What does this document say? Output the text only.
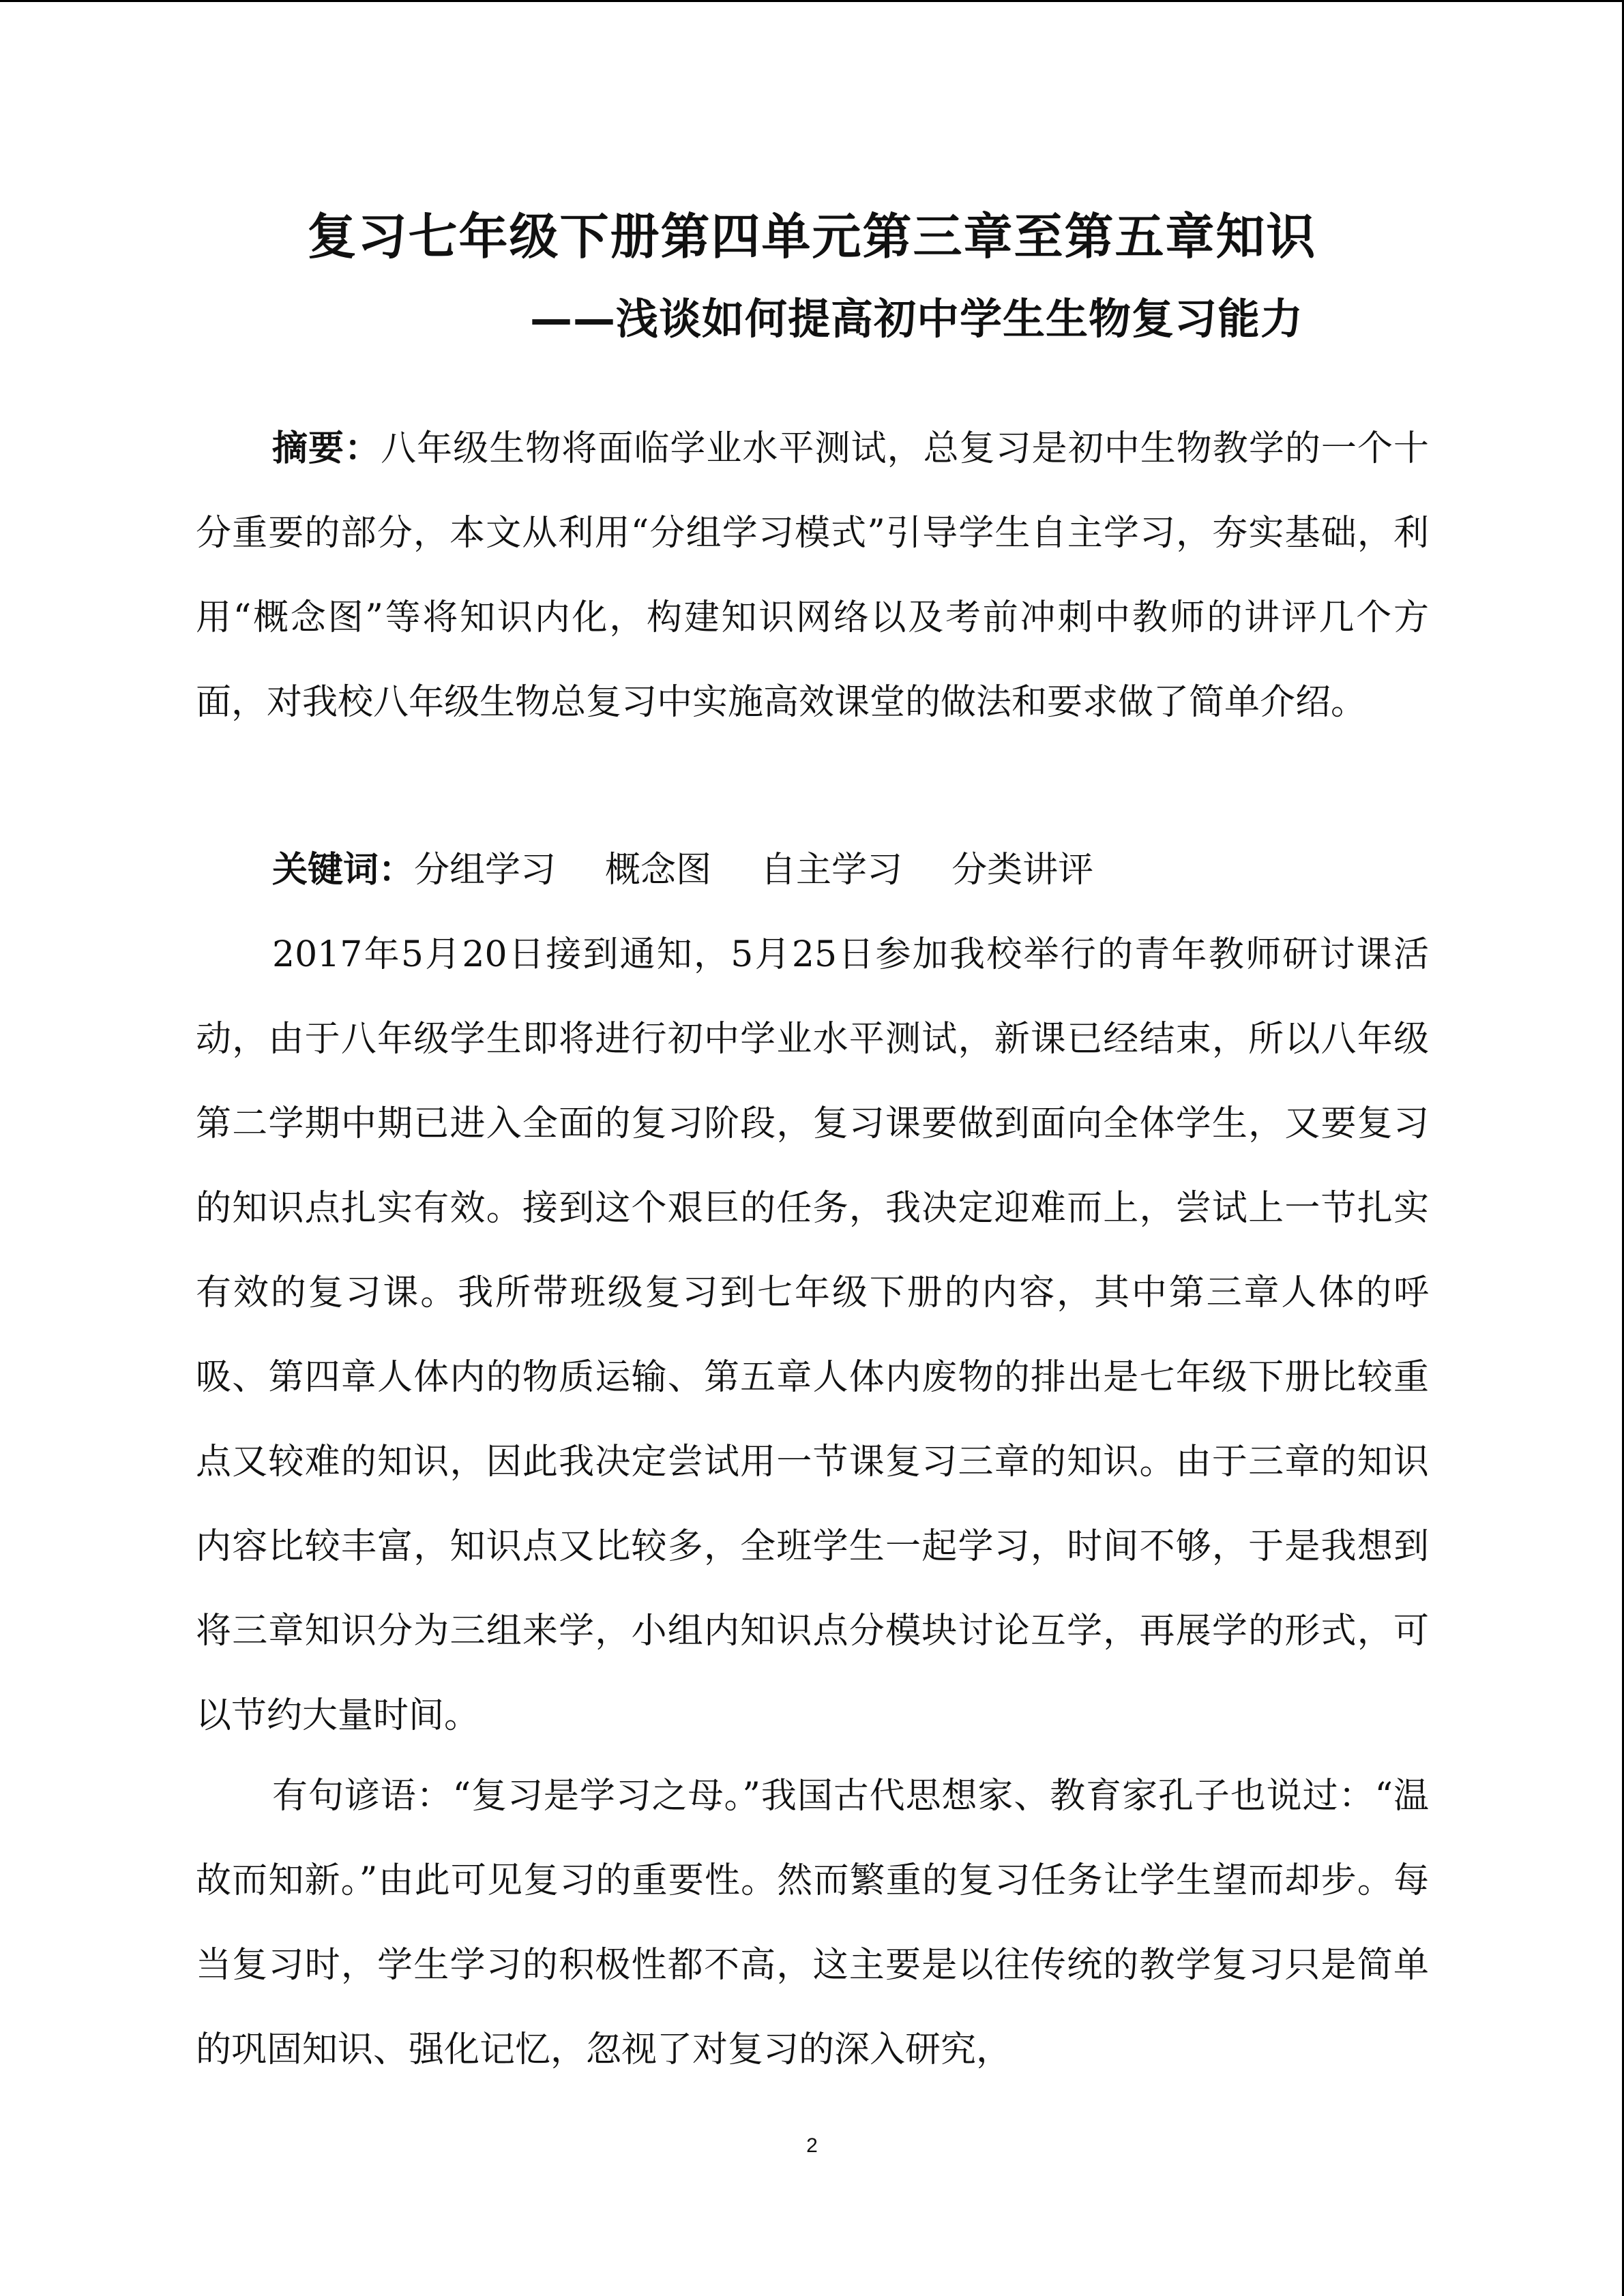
复习七年级下册第四单元第三章至第五章知识
——浅谈如何提高初中学生生物复习能力

摘要：八年级生物将面临学业水平测试，总复习是初中生物教学的一个十分重要的部分，本文从利用“分组学习模式”引导学生自主学习，夯实基础，利用“概念图”等将知识内化，构建知识网络以及考前冲刺中教师的讲评几个方面，对我校八年级生物总复习中实施高效课堂的做法和要求做了简单介绍。

关键词：分组学习 概念图 自主学习 分类讲评

2017年5月20日接到通知，5月25日参加我校举行的青年教师研讨课活动，由于八年级学生即将进行初中学业水平测试，新课已经结束，所以八年级第二学期中期已进入全面的复习阶段，复习课要做到面向全体学生，又要复习的知识点扎实有效。接到这个艰巨的任务，我决定迎难而上，尝试上一节扎实有效的复习课。我所带班级复习到七年级下册的内容，其中第三章人体的呼吸、第四章人体内的物质运输、第五章人体内废物的排出是七年级下册比较重点又较难的知识，因此我决定尝试用一节课复习三章的知识。由于三章的知识内容比较丰富，知识点又比较多，全班学生一起学习，时间不够，于是我想到将三章知识分为三组来学，小组内知识点分模块讨论互学，再展学的形式，可以节约大量时间。

有句谚语：“复习是学习之母。”我国古代思想家、教育家孔子也说过：“温故而知新。”由此可见复习的重要性。然而繁重的复习任务让学生望而却步。每当复习时，学生学习的积极性都不高，这主要是以往传统的教学复习只是简单的巩固知识、强化记忆，忽视了对复习的深入研究，

2
